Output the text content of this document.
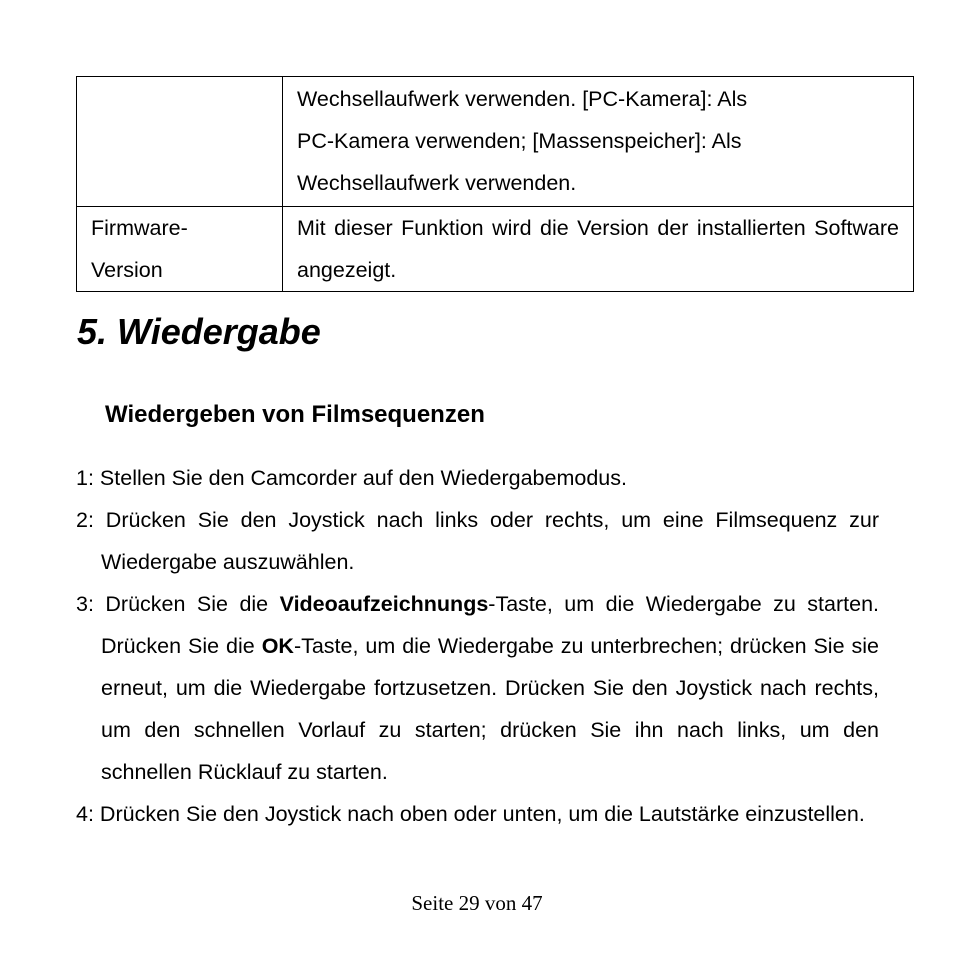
	Wechsellaufwerk verwenden. [PC-Kamera]: Als
PC-Kamera verwenden; [Massenspeicher]: Als
Wechsellaufwerk verwenden.

Firmware-
Version	Mit dieser Funktion wird die Version der installierten Software angezeigt.
5. Wiedergabe
Wiedergeben von Filmsequenzen
1: Stellen Sie den Camcorder auf den Wiedergabemodus.
2: Drücken Sie den Joystick nach links oder rechts, um eine Filmsequenz zur Wiedergabe auszuwählen.
3: Drücken Sie die Videoaufzeichnungs-Taste, um die Wiedergabe zu starten. Drücken Sie die OK-Taste, um die Wiedergabe zu unterbrechen; drücken Sie sie erneut, um die Wiedergabe fortzusetzen. Drücken Sie den Joystick nach rechts, um den schnellen Vorlauf zu starten; drücken Sie ihn nach links, um den schnellen Rücklauf zu starten.
4: Drücken Sie den Joystick nach oben oder unten, um die Lautstärke einzustellen.
Seite 29 von 47
